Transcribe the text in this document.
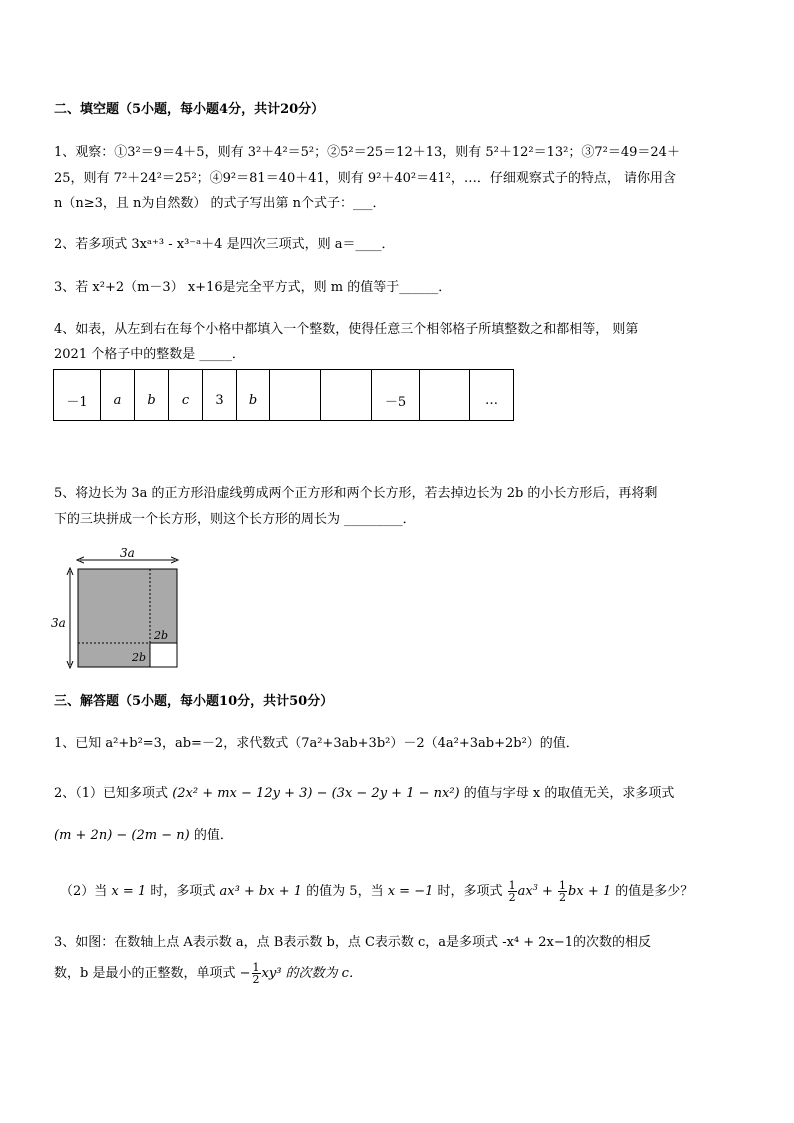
二、填空题（5小题，每小题4分，共计20分）
1、观察：①3²＝9＝4＋5，则有 3²＋4²＝5²；②5²＝25＝12＋13，则有 5²＋12²＝13²；③7²＝49＝24＋
25，则有 7²＋24²＝25²；④9²＝81＝40＋41，则有 9²＋40²＝41²，…．仔细观察式子的特点， 请你用含
n（n≥3，且 n为自然数） 的式子写出第 n个式子：___．
2、若多项式 3xᵃ⁺³ - x³⁻ᵃ＋4 是四次三项式，则 a＝____．
3、若 x²+2（m－3） x+16是完全平方式，则 m 的值等于______．
4、如表，从左到右在每个小格中都填入一个整数，使得任意三个相邻格子所填整数之和都相等， 则第
2021 个格子中的整数是 _____．
－1	a	b	c	3	b			－5		…
5、将边长为 3a 的正方形沿虚线剪成两个正方形和两个长方形，若去掉边长为 2b 的小长方形后，再将剩
下的三块拼成一个长方形，则这个长方形的周长为 _________．
3a
3a
2b
2b
三、解答题（5小题，每小题10分，共计50分）
1、已知 a²+b²=3，ab=－2，求代数式（7a²+3ab+3b²）－2（4a²+3ab+2b²）的值．
2、（1）已知多项式 (2x² + mx − 12y + 3) − (3x − 2y + 1 − nx²) 的值与字母 x 的取值无关，求多项式
(m + 2n) − (2m − n) 的值．
（2）当 x = 1 时，多项式 ax³ + bx + 1 的值为 5，当 x = −1 时，多项式 $\frac{1}{2} ax^3 + \frac{1}{2}$ bx + 1 的值是多少？
3、如图：在数轴上点 A表示数 a，点 B表示数 b，点 C表示数 c，a是多项式 -x⁴ + 2x−1的次数的相反
数，b 是最小的正整数，单项式 − $\frac{1}{2} xy^3$ 的次数为 c．
